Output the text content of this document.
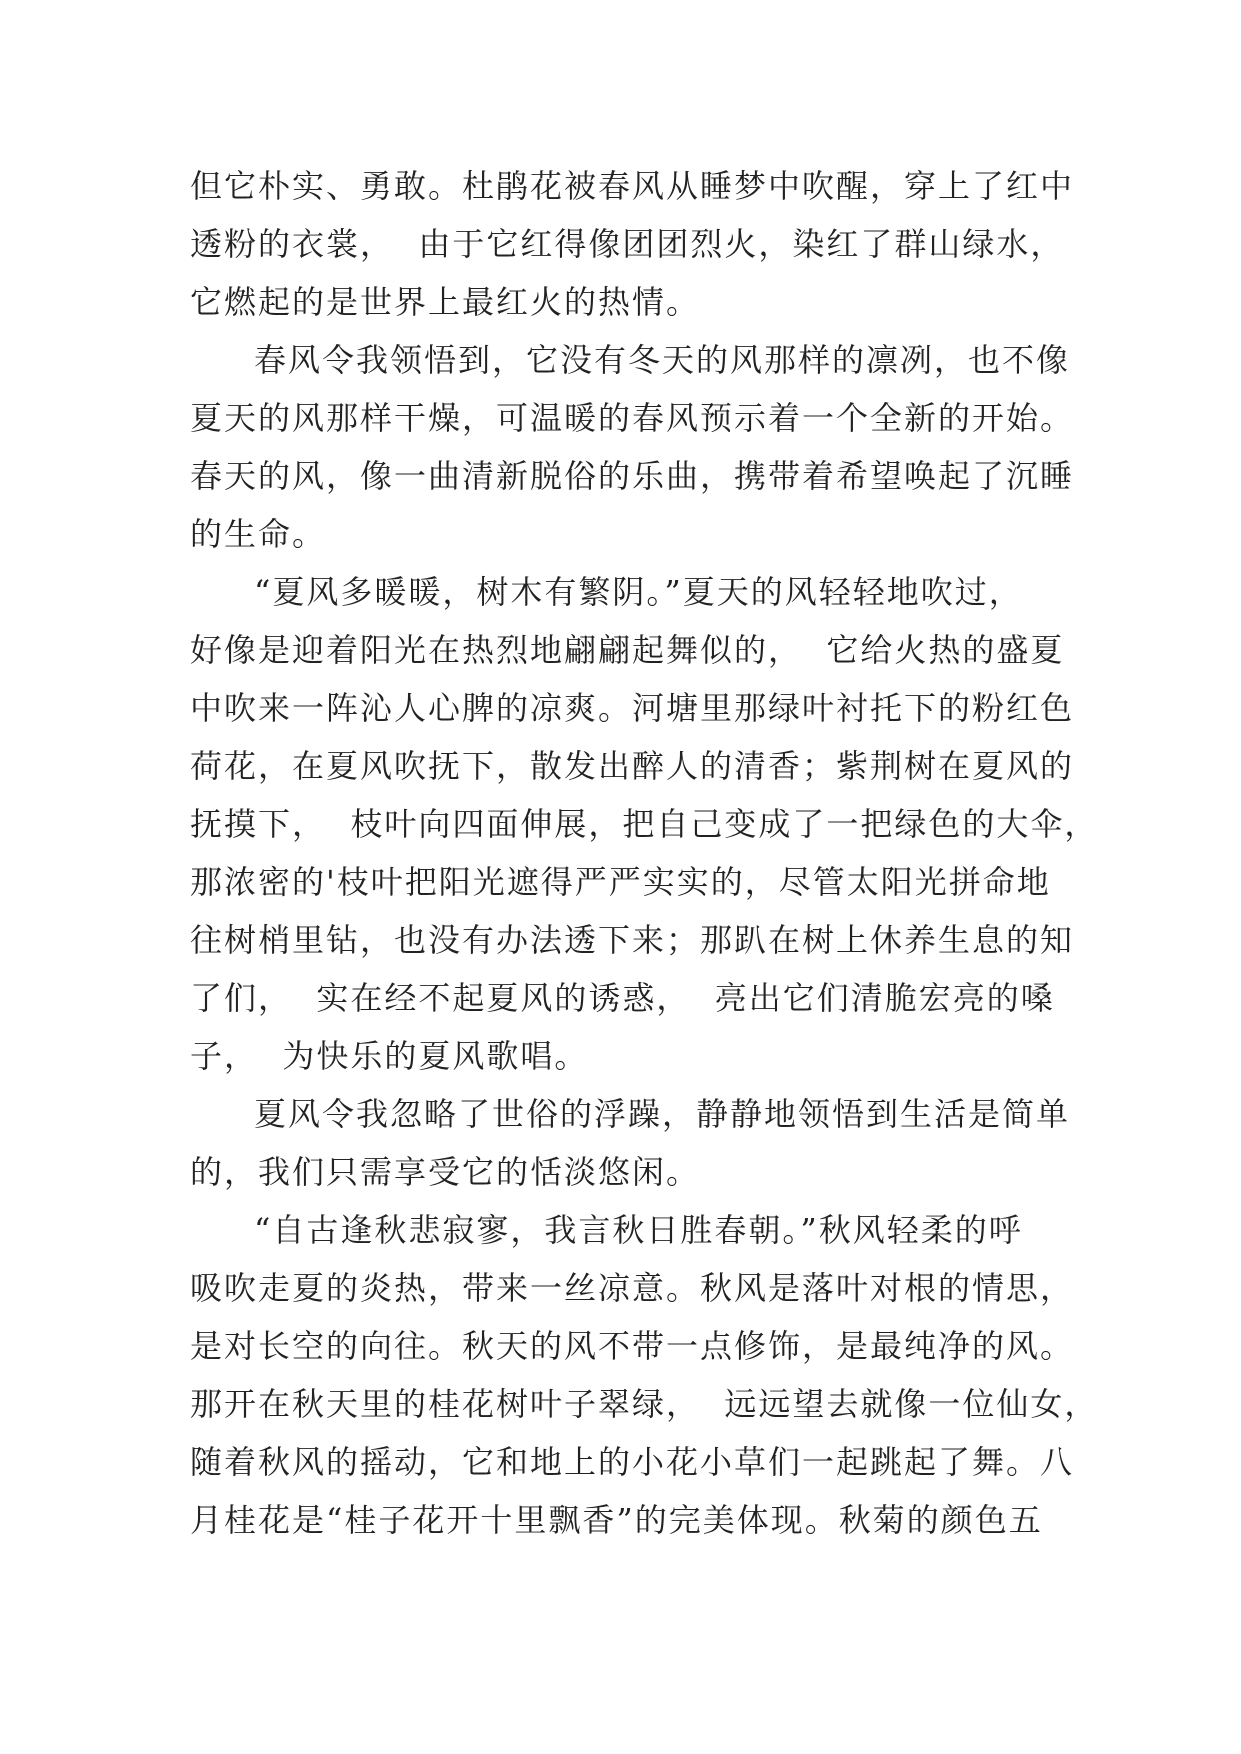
但它朴实、勇敢。杜鹃花被春风从睡梦中吹醒，穿上了红中
透粉的衣裳，  由于它红得像团团烈火，染红了群山绿水，
它燃起的是世界上最红火的热情。
春风令我领悟到，它没有冬天的风那样的凛冽，也不像
夏天的风那样干燥，可温暖的春风预示着一个全新的开始。
春天的风，像一曲清新脱俗的乐曲，携带着希望唤起了沉睡
的生命。
“夏风多暖暖，树木有繁阴。”夏天的风轻轻地吹过，
好像是迎着阳光在热烈地翩翩起舞似的，  它给火热的盛夏
中吹来一阵沁人心脾的凉爽。河塘里那绿叶衬托下的粉红色
荷花，在夏风吹抚下，散发出醉人的清香；紫荆树在夏风的
抚摸下，  枝叶向四面伸展，把自己变成了一把绿色的大伞，
那浓密的'枝叶把阳光遮得严严实实的，尽管太阳光拼命地
往树梢里钻，也没有办法透下来；那趴在树上休养生息的知
了们，  实在经不起夏风的诱惑，  亮出它们清脆宏亮的嗓
子，  为快乐的夏风歌唱。
夏风令我忽略了世俗的浮躁，静静地领悟到生活是简单
的，我们只需享受它的恬淡悠闲。
“自古逢秋悲寂寥，我言秋日胜春朝。”秋风轻柔的呼
吸吹走夏的炎热，带来一丝凉意。秋风是落叶对根的情思，
是对长空的向往。秋天的风不带一点修饰，是最纯净的风。
那开在秋天里的桂花树叶子翠绿，  远远望去就像一位仙女，
随着秋风的摇动，它和地上的小花小草们一起跳起了舞。八
月桂花是“桂子花开十里飘香”的完美体现。秋菊的颜色五
